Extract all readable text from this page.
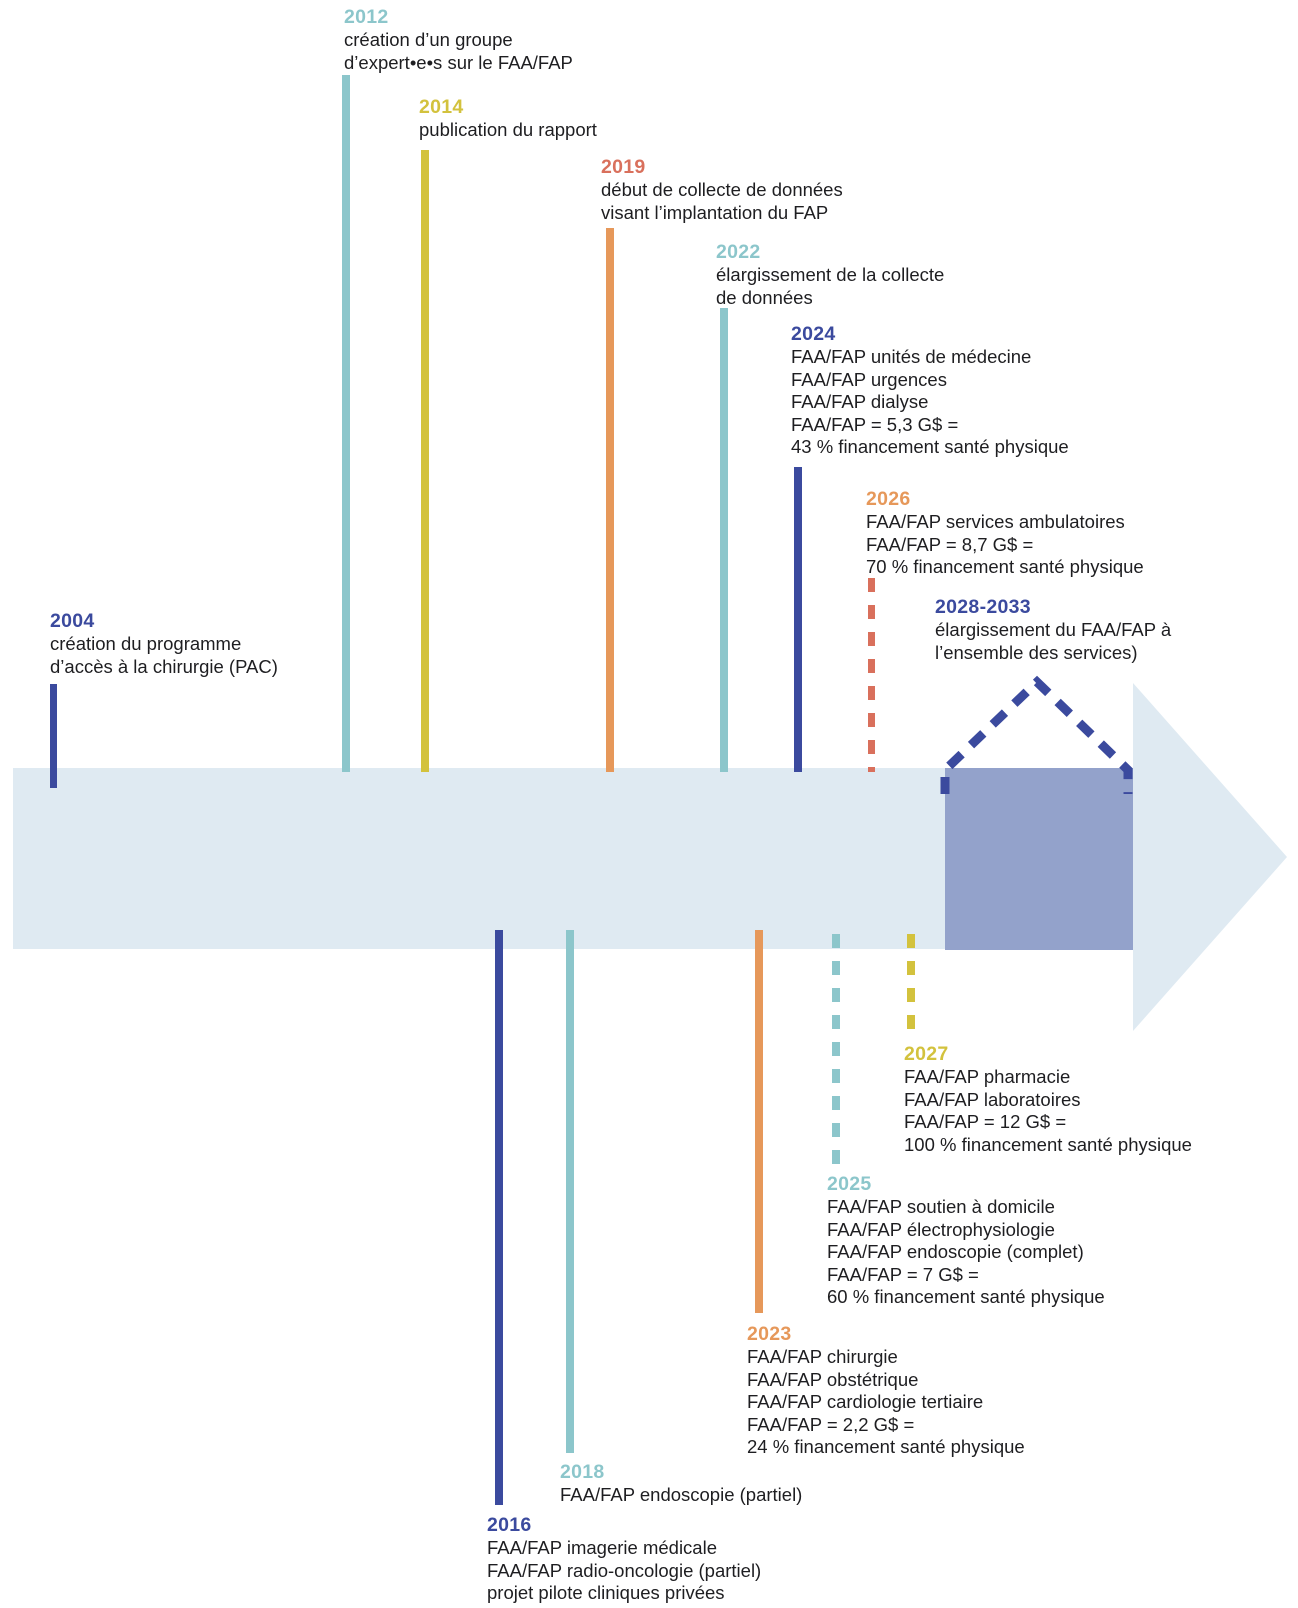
2012
création d’un groupe
d’expert•e•s sur le FAA/FAP
2014
publication du rapport
2019
début de collecte de données
visant l’implantation du FAP
2022
élargissement de la collecte
de données
2024
FAA/FAP unités de médecine
FAA/FAP urgences
FAA/FAP dialyse
FAA/FAP = 5,3 G$ =
43 % financement santé physique
2026
FAA/FAP services ambulatoires
FAA/FAP = 8,7 G$ =
70 % financement santé physique
2028-2033
élargissement du FAA/FAP à
l’ensemble des services)
2004
création du programme
d’accès à la chirurgie (PAC)
2027
FAA/FAP pharmacie
FAA/FAP laboratoires
FAA/FAP = 12 G$ =
100 % financement santé physique
2025
FAA/FAP soutien à domicile
FAA/FAP électrophysiologie
FAA/FAP endoscopie (complet)
FAA/FAP = 7 G$ =
60 % financement santé physique
2023
FAA/FAP chirurgie
FAA/FAP obstétrique
FAA/FAP cardiologie tertiaire
FAA/FAP = 2,2 G$ =
24 % financement santé physique
2018
FAA/FAP endoscopie (partiel)
2016
FAA/FAP imagerie médicale
FAA/FAP radio-oncologie (partiel)
projet pilote cliniques privées
